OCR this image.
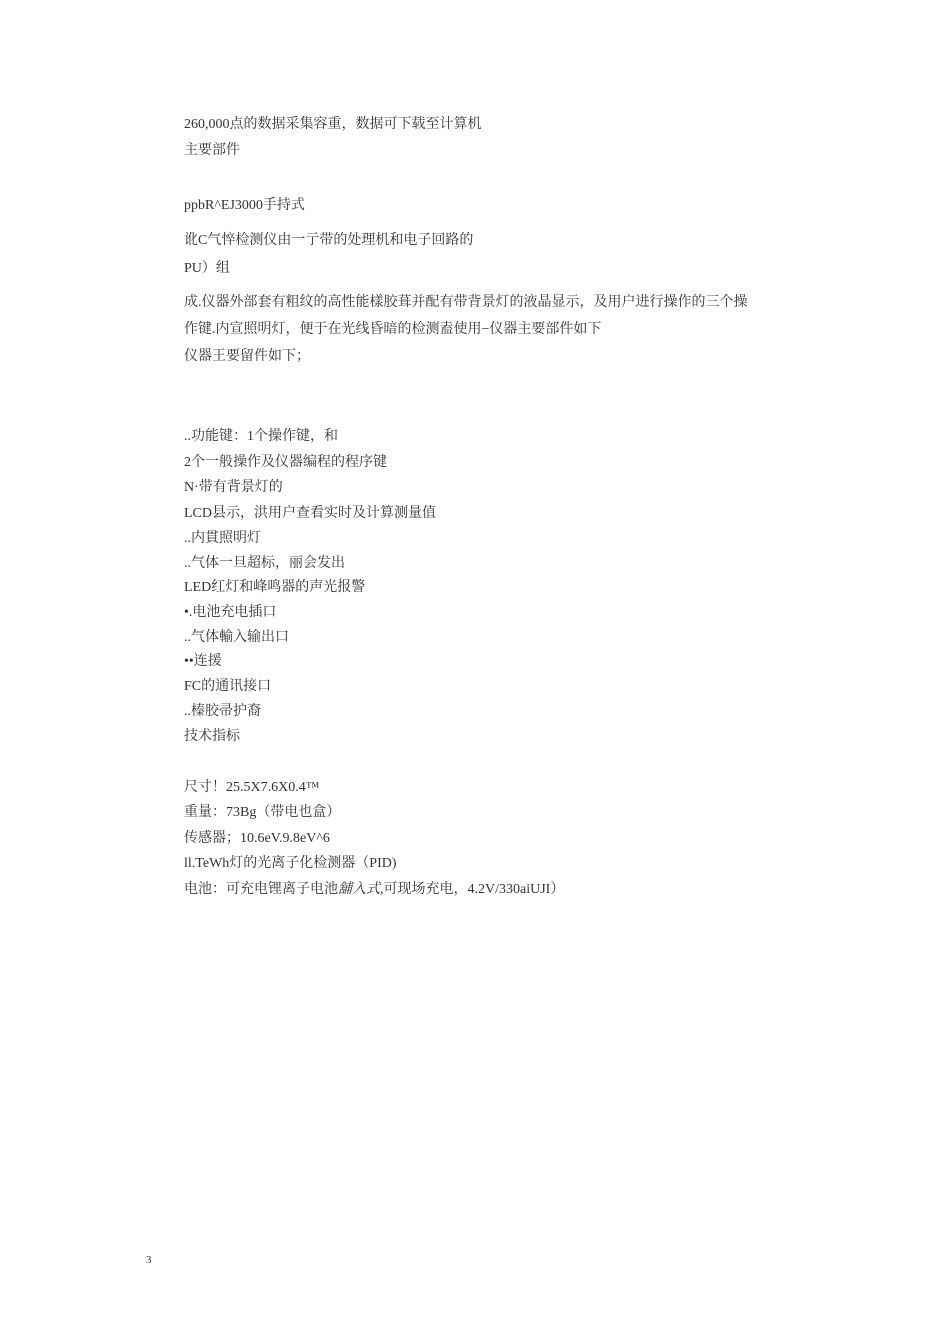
260,000点的数据采集容重，数据可下载至计算机

主要部件

ppbR^EJ3000手持式

讹C气悴检测仪由一亍带的处理机和电子回路的

PU）组

成.仪器外部套有粗纹的高性能樣胶葺并配有带背景灯的液晶显示，及用户进行操作的三个操

作键.内宣照明灯，便于在光线昏暗的检测盍使用−仪器主要部件如下

仪器王要留件如下；

..功能键：1个操作键，和

2个一般操作及仪器编程的程序键

N·带有背景灯的

LCD县示，洪用户查看实时及计算测量值

..内貫照明灯

..气体一旦超标，丽会发出

LED红灯和峰鸣器的声光报警

•.电池充电插口

..气体輸入输出口

••连援

FC的通讯接口

..榛胶帚护裔

技术指标

尺寸！25.5X7.6X0.4™

重量：73Bg（带电也盒）

传感器；10.6eV.9.8eV^6

ll.TeWh灯的光离子化检测器（PID)

电池：可充电锂离子电池舖入式,可现场充电，4.2V/330aiUJI）

3
